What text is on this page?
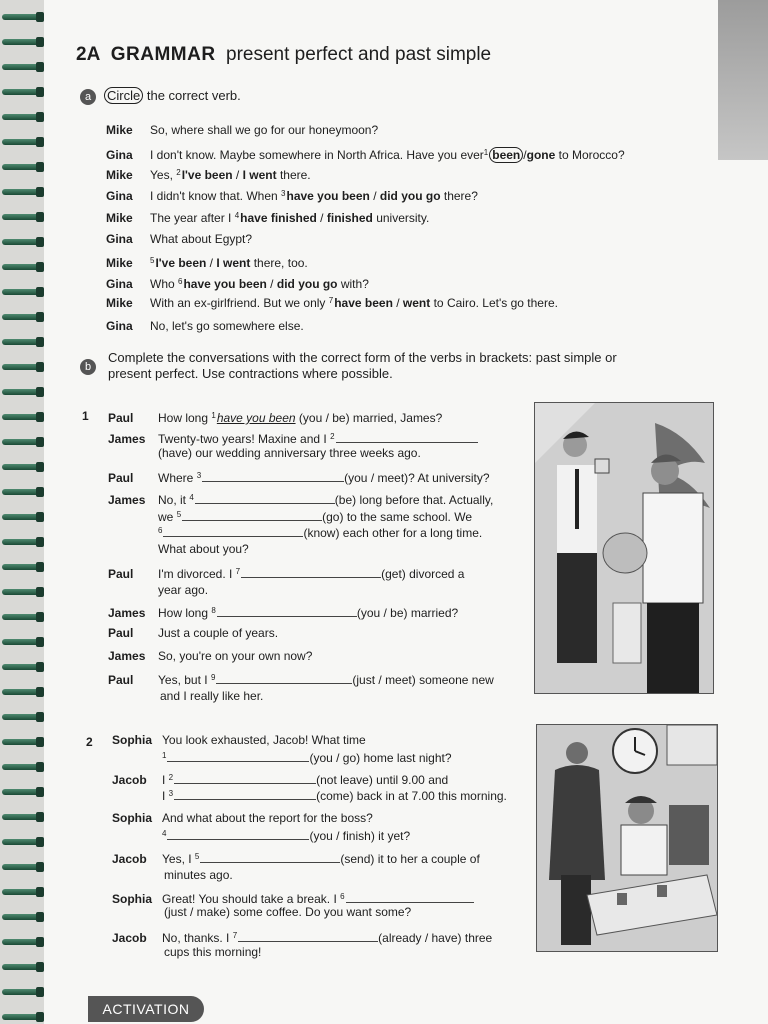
2A GRAMMAR present perfect and past simple
a	Circle the correct verb.
Mike So, where shall we go for our honeymoon?
Gina I don't know. Maybe somewhere in North Africa. Have you ever$^1$ been /gone to Morocco?
Mike Yes, $^2$I've been / I went there.
Gina I didn't know that. When $^3$have you been / did you go there?
Mike The year after I $^4$have finished / finished university.
Gina What about Egypt?
Mike $^5$I've been / I went there, too.
Gina Who $^6$have you been / did you go with?
Mike With an ex-girlfriend. But we only $^7$have been / went to Cairo. Let's go there.
Gina No, let's go somewhere else.
b
Complete the conversations with the correct form of the verbs in brackets: past simple or
present perfect. Use contractions where possible.
1 Paul How long $^1$have you been (you / be) married, James?
James Twenty-two years! Maxine and I $^2$
(have) our wedding anniversary three weeks ago.
Paul Where $^3$	(you / meet)? At university?
James No, it $^4$	(be) long before that. Actually,
we $^5$	(go) to the same school. We
$^6$	(know) each other for a long time.
What about you?
Paul I'm divorced. I $^7$	(get) divorced a
year ago.
James How long $^8$	(you / be) married?
Paul Just a couple of years.
James So, you're on your own now?
Paul Yes, but I $^9$	(just / meet) someone new
and I really like her.
2 Sophia You look exhausted, Jacob! What time
$^1$	(you / go) home last night?
Jacob I $^2$	(not leave) until 9.00 and
I $^3$	(come) back in at 7.00 this morning.
Sophia And what about the report for the boss?
$^4$	(you / finish) it yet?
Jacob Yes, I $^5$	(send) it to her a couple of
minutes ago.
Sophia Great! You should take a break. I $^6$
(just / make) some coffee. Do you want some?
Jacob No, thanks. I $^7$	(already / have) three
cups this morning!
ACTIVATION
